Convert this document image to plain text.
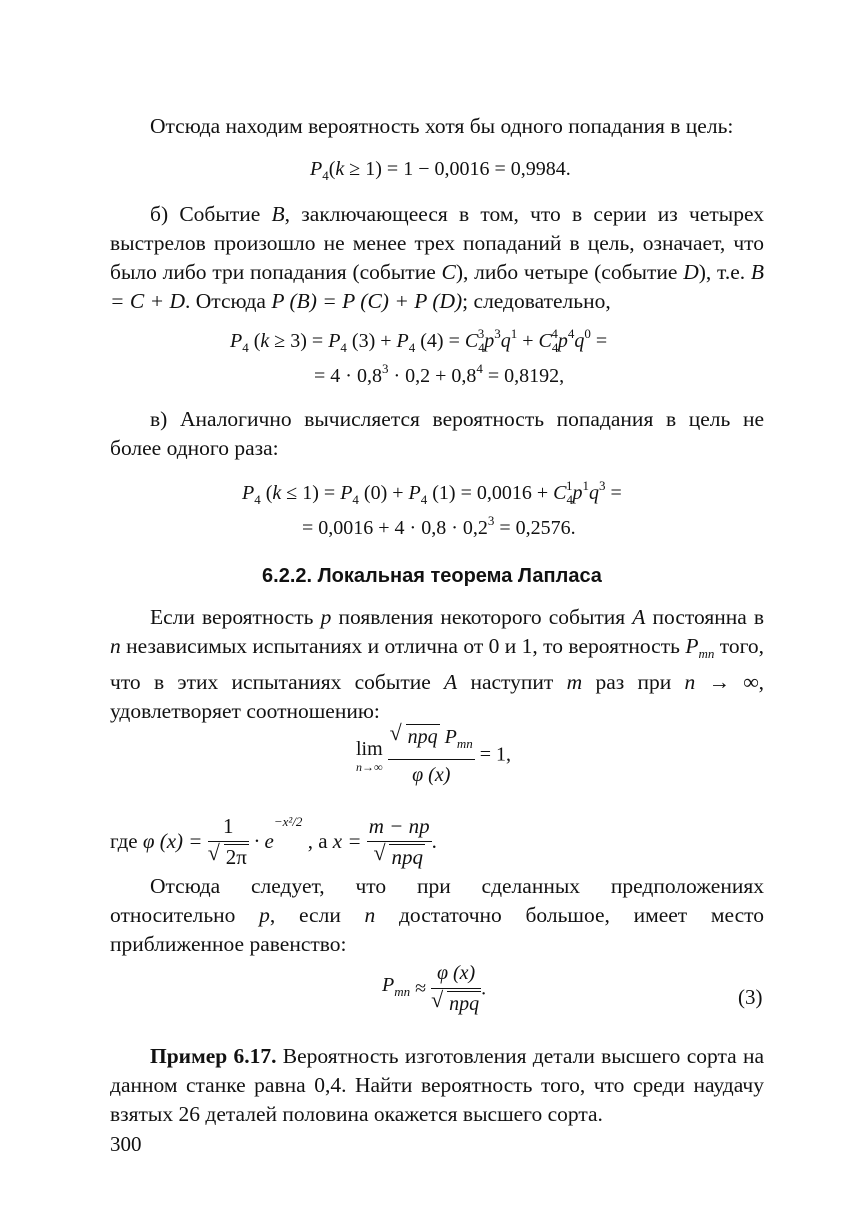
Отсюда находим вероятность хотя бы одного попадания в цель:

$P_4(k \ge 1) = 1 - 0,0016 = 0,9984$.

б) Событие B, заключающееся в том, что в серии из четырех выстрелов произошло не менее трех попаданий в цель, означает, что было либо три попадания (событие C), либо четыре (событие D), т.е. B = C + D. Отсюда P (B) = P (C) + P (D); следовательно,

$P_4$ $(k \ge 3) = P_4$ $(3) + P_4$ $(4) = C_4^3p^3q^1 + C_4^4p^4q^0$ =
= $4 \cdot 0,8^3 \cdot 0,2 + 0,8^4 = 0,8192$,

в) Аналогично вычисляется вероятность попадания в цель не более одного раза:

$P_4$ $(k \le 1) = P_4$ $(0) + P_4$ $(1) = 0,0016 + C_4^1p^1q^3$ =
= $0,0016 + 4 \cdot 0,8 \cdot 0,2^3 = 0,2576$.
6.2.2. Локальная теорема Лапласа

Если вероятность p появления некоторого события A постоянна в n независимых испытаниях и отлична от 0 и 1, то вероятность $P_{mn}$ того, что в этих испытаниях событие A наступит m раз при n → ∞, удовлетворяет соотношению:

lim
n→∞
$\frac{√ npq P_{mn}}{\varphi (x)} = 1$,
где φ $(x) = \frac{1}{√ 2\pi} \cdot e^{-x^2/2}$ , а $x = \frac{m - np}{\text{√ npq}}$ .

Отсюда следует, что при сделанных предположениях относительно p, если n достаточно большое, имеет место приближенное равенство:

$P_{mn} \approx \frac{\varphi (x)}{\text{√ npq}}$ .	(3)

Пример 6.17. Вероятность изготовления детали высшего сорта на данном станке равна 0,4. Найти вероятность того, что среди наудачу взятых 26 деталей половина окажется высшего сорта.

300
